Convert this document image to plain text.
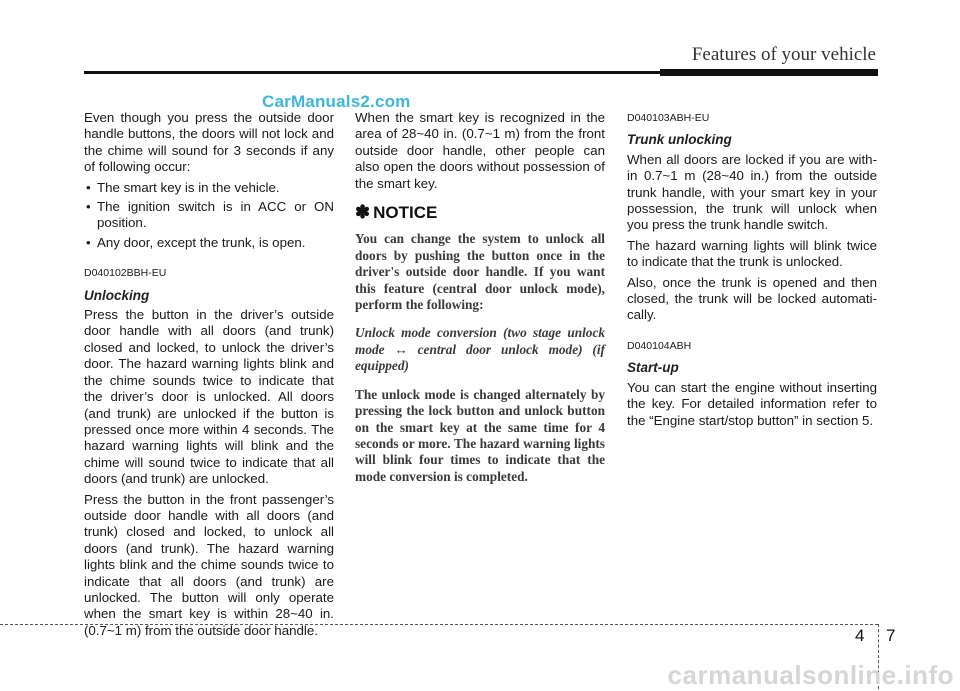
Features of your vehicle
CarManuals2.com

Even though you press the outside door handle buttons, the doors will not lock and the chime will sound for 3 seconds if any of following occur:

• The smart key is in the vehicle.
• The ignition switch is in ACC or ON position.
• Any door, except the trunk, is open.
D040102BBH-EU
Unlocking

Press the button in the driver’s outside door handle with all doors (and trunk) closed and locked, to unlock the driver’s door. The hazard warning lights blink and the chime sounds twice to indicate that the driver’s door is unlocked. All doors (and trunk) are unlocked if the button is pressed once more within 4 seconds. The hazard warning lights will blink and the chime will sound twice to indicate that all doors (and trunk) are unlocked.

Press the button in the front passenger’s outside door handle with all doors (and trunk) closed and locked, to unlock all doors (and trunk). The hazard warning lights blink and the chime sounds twice to indicate that all doors (and trunk) are unlocked. The button will only operate when the smart key is within 28~40 in. (0.7~1 m) from the outside door handle.

When the smart key is recognized in the area of 28~40 in. (0.7~1 m) from the front outside door handle, other people can also open the doors without possession of the smart key.

✽ NOTICE
You can change the system to unlock all doors by pushing the button once in the driver's outside door handle. If you want this feature (central door unlock mode), perform the following:
Unlock mode conversion (two stage unlock mode ↔ central door unlock mode) (if equipped)
The unlock mode is changed alternately by pressing the lock button and unlock button on the smart key at the same time for 4 seconds or more. The hazard warning lights will blink four times to indicate that the mode conversion is completed.
D040103ABH-EU
Trunk unlocking

When all doors are locked if you are with-in 0.7~1 m (28~40 in.) from the outside trunk handle, with your smart key in your possession, the trunk will unlock when you press the trunk handle switch.

The hazard warning lights will blink twice to indicate that the trunk is unlocked.

Also, once the trunk is opened and then closed, the trunk will be locked automati-cally.

D040104ABH
Start-up

You can start the engine without inserting the key. For detailed information refer to the “Engine start/stop button” in section 5.

4 7
carmanualsonline.info
